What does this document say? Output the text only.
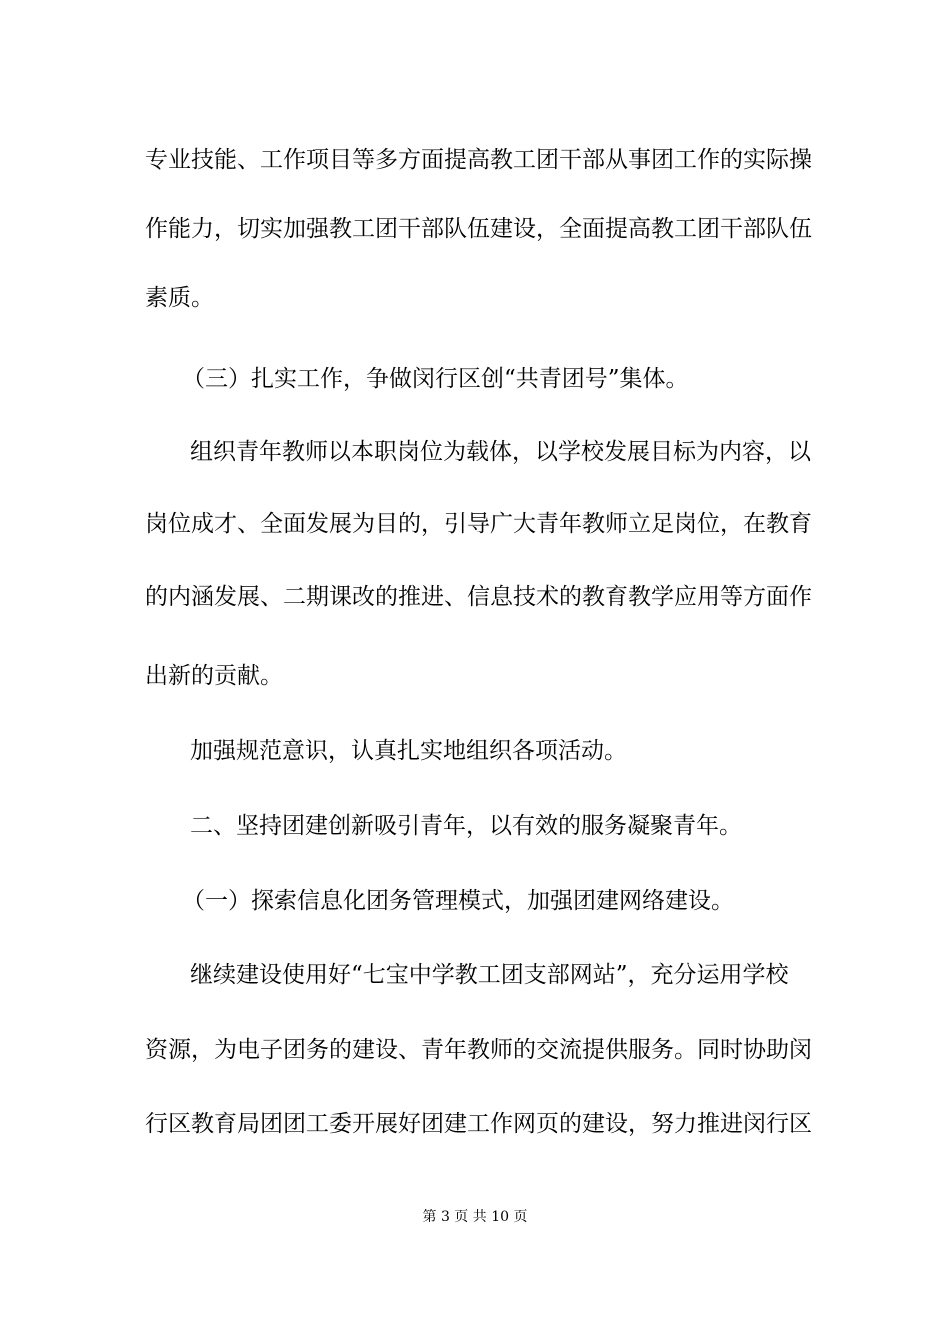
专业技能、工作项目等多方面提高教工团干部从事团工作的实际操

作能力，切实加强教工团干部队伍建设，全面提高教工团干部队伍

素质。

（三）扎实工作，争做闵行区创“共青团号”集体。

组织青年教师以本职岗位为载体，以学校发展目标为内容，以

岗位成才、全面发展为目的，引导广大青年教师立足岗位，在教育

的内涵发展、二期课改的推进、信息技术的教育教学应用等方面作

出新的贡献。

加强规范意识，认真扎实地组织各项活动。

二、坚持团建创新吸引青年，以有效的服务凝聚青年。

（一）探索信息化团务管理模式，加强团建网络建设。

继续建设使用好“七宝中学教工团支部网站”，充分运用学校

资源，为电子团务的建设、青年教师的交流提供服务。同时协助闵

行区教育局团团工委开展好团建工作网页的建设，努力推进闵行区

第 3 页 共 10 页
